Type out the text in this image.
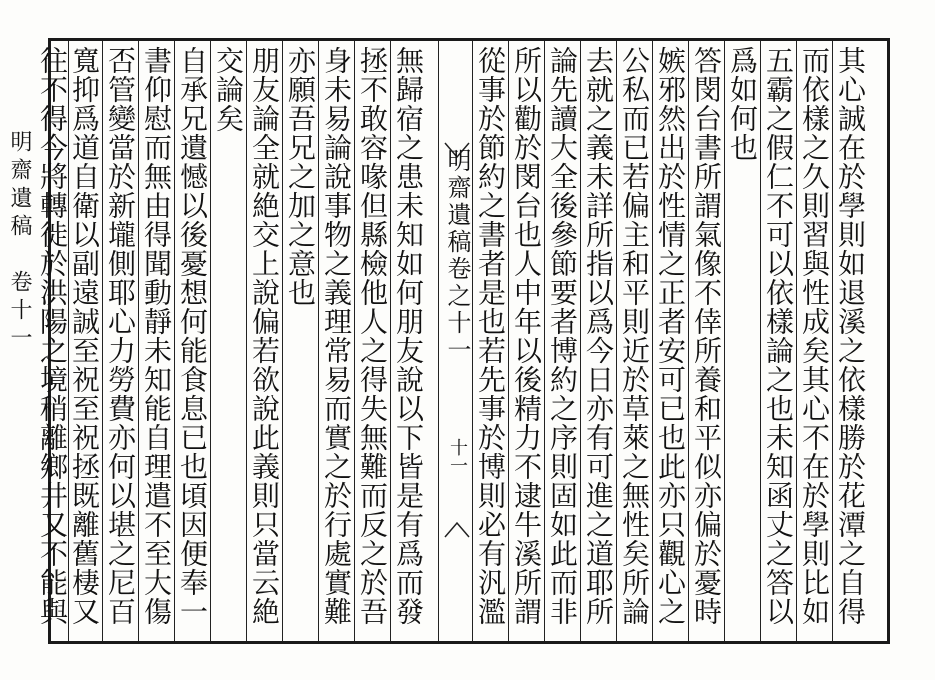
明齋遺稿　卷十一	其心誠在於學則如退溪之依樣勝於花潭之自得
而依樣之久則習與性成矣其心不在於學則比如
五霸之假仁不可以依樣論之也未知函丈之答以
爲如何也
答閔台書所謂氣像不倖所養和平似亦偏於憂時
嫉邪然出於性情之正者安可已也此亦只觀心之
公私而已若偏主和平則近於草萊之無性矣所論
去就之義未詳所指以爲今日亦有可進之道耶所
論先讀大全後參節要者博約之序則固如此而非
所以勸於閔台也人中年以後精力不逮牛溪所謂
從事於節約之書者是也若先事於博則必有汎濫
無歸宿之患未知如何朋友說以下皆是有爲而發
拯不敢容喙但縣檢他人之得失無難而反之於吾
身未易論說事物之義理常易而實之於行處實難
亦願吾兄之加之意也
朋友論全就絶交上說偏若欲說此義則只當云絶
交論矣
自承兄遺憾以後憂想何能食息已也頃因便奉一
書仰慰而無由得聞動靜未知能自理遣不至大傷
否管變當於新壠側耶心力勞費亦何以堪之尼百
寬抑爲道自衛以副遠誠至祝至祝拯既離舊棲又
往不得今將轉徙於洪陽之境稍離鄉井又不能與	明齋遺稿卷之十一
十一
